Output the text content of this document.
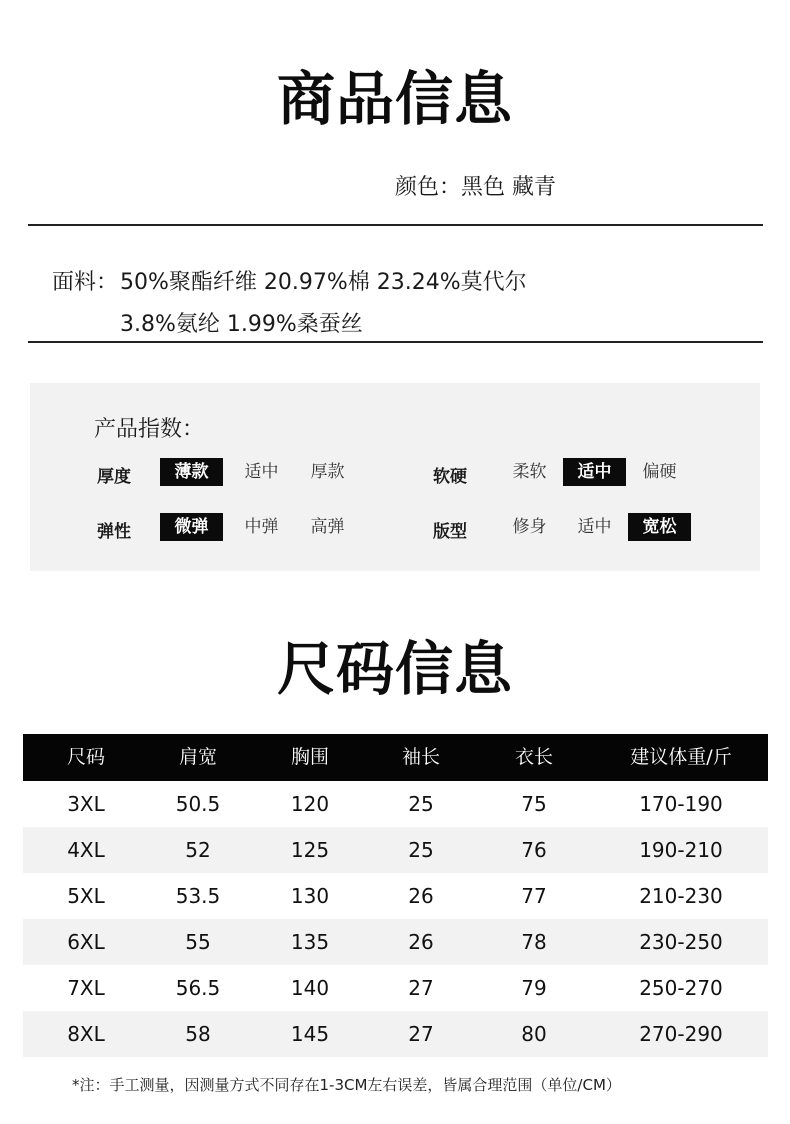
商品信息
颜色：黑色 藏青
面料： 50%聚酯纤维 20.97%棉 23.24%莫代尔
3.8%氨纶 1.99%桑蚕丝
产品指数：
厚度	薄款	适中	厚款	软硬	柔软	适中	偏硬
弹性	微弹	中弹	高弹	版型	修身	适中	宽松
尺码信息
尺码	肩宽	胸围	袖长	衣长	建议体重/斤
3XL	50.5	120	25	75	170-190
4XL	52	125	25	76	190-210
5XL	53.5	130	26	77	210-230
6XL	55	135	26	78	230-250
7XL	56.5	140	27	79	250-270
8XL	58	145	27	80	270-290
*注：手工测量，因测量方式不同存在1-3CM左右误差，皆属合理范围（单位/CM）
